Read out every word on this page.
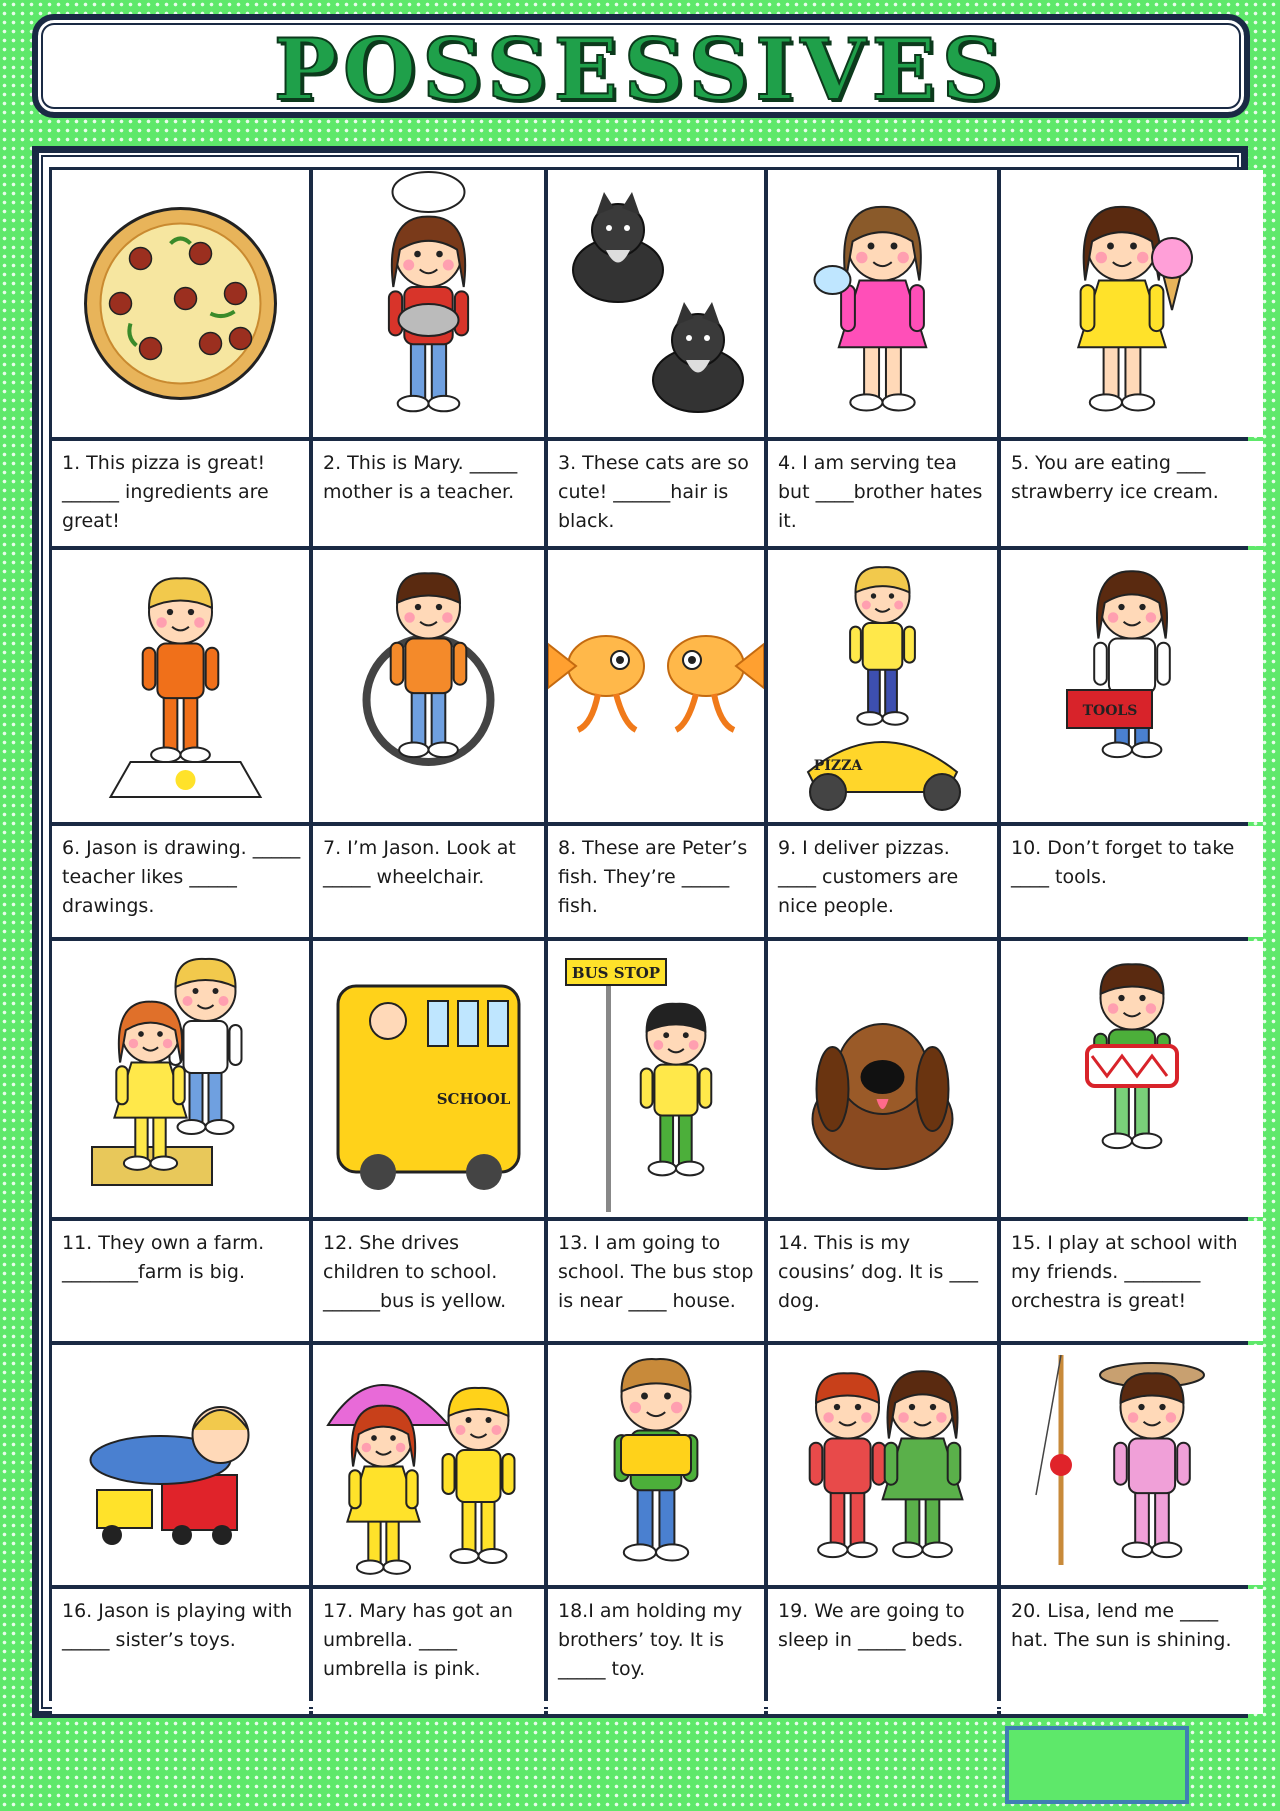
POSSESSIVES
1. This pizza is great! ______ ingredients are great!
2. This is Mary. _____ mother is a teacher.
3. These cats are so cute! ______hair is black.
4. I am serving tea but ____brother hates it.
5. You are eating ___ strawberry ice cream.
PIZZA
TOOLS
6. Jason is drawing. _____ teacher likes _____ drawings.
7. I’m Jason. Look at _____ wheelchair.
8. These are Peter’s fish. They’re _____ fish.
9. I deliver pizzas. ____ customers are nice people.
10. Don’t forget to take ____ tools.
SCHOOL
BUS STOP
11. They own a farm. ________farm is big.
12. She drives children to school. ______bus is yellow.
13. I am going to school. The bus stop is near ____ house.
14. This is my cousins’ dog. It is ___ dog.
15. I play at school with my friends. ________ orchestra is great!
16. Jason is playing with _____ sister’s toys.
17. Mary has got an umbrella. ____ umbrella is pink.
18.I am holding my brothers’ toy. It is _____ toy.
19. We are going to sleep in _____ beds.
20. Lisa, lend me ____ hat. The sun is shining.
